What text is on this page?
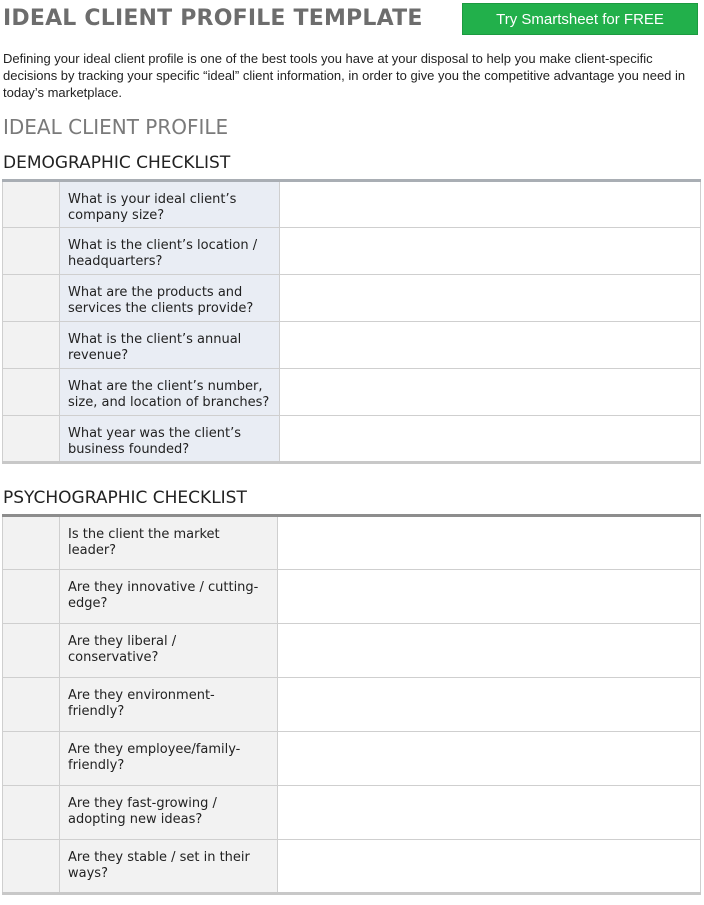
IDEAL CLIENT PROFILE TEMPLATE	Try Smartsheet for FREE

Defining your ideal client profile is one of the best tools you have at your disposal to help you make client-specific decisions by tracking your specific “ideal” client information, in order to give you the competitive advantage you need in today’s marketplace.

IDEAL CLIENT PROFILE
DEMOGRAPHIC CHECKLIST
	What is your ideal client’s company size?	
	What is the client’s location / headquarters?	
	What are the products and services the clients provide?	
	What is the client’s annual revenue?	
	What are the client’s number, size, and location of branches?	
	What year was the client’s business founded?	
PSYCHOGRAPHIC CHECKLIST
	Is the client the market leader?	
	Are they innovative / cutting-edge?	
	Are they liberal / conservative?	
	Are they environment-friendly?	
	Are they employee/family-friendly?	
	Are they fast-growing / adopting new ideas?	
	Are they stable / set in their ways?	
